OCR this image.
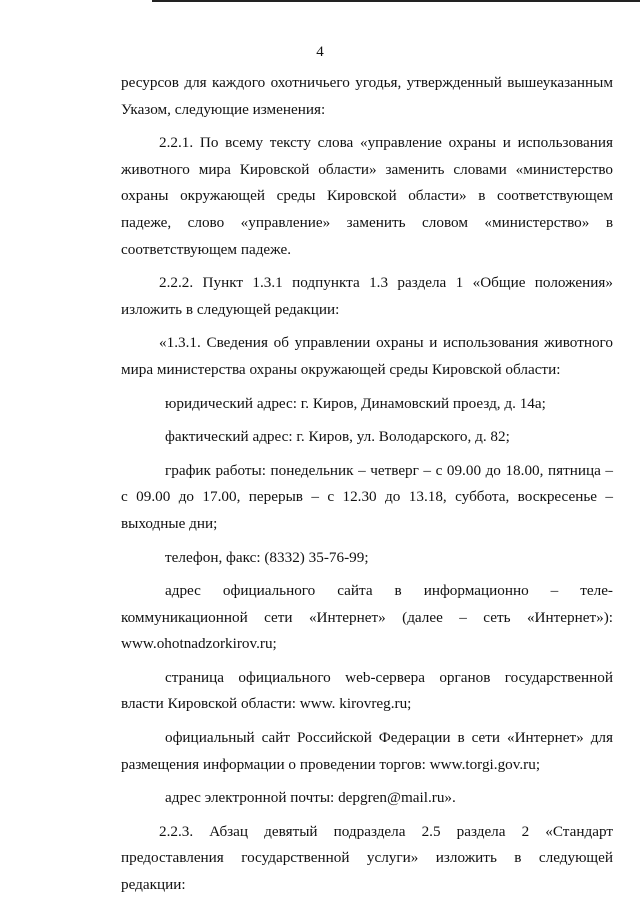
4

ресурсов для каждого охотничьего угодья, утвержденный вышеуказанным Указом, следующие изменения:

2.2.1. По всему тексту слова «управление охраны и использования животного мира Кировской области» заменить словами «министерство охраны окружающей среды Кировской области» в соответствующем падеже, слово «управление» заменить словом «министерство» в соответствующем падеже.

2.2.2. Пункт 1.3.1 подпункта 1.3 раздела 1 «Общие положения» изложить в следующей редакции:

«1.3.1. Сведения об управлении охраны и использования животного мира министерства охраны окружающей среды Кировской области:

юридический адрес: г. Киров, Динамовский проезд, д. 14а;

фактический адрес: г. Киров, ул. Володарского, д. 82;

график работы: понедельник – четверг – с 09.00 до 18.00, пятница – с 09.00 до 17.00, перерыв – с 12.30 до 13.18, суббота, воскресенье – выходные дни;

телефон, факс: (8332) 35-76-99;

адрес официального сайта в информационно – теле-коммуникационной сети «Интернет» (далее – сеть «Интернет»): www.ohotnadzorkirov.ru;

страница официального web-сервера органов государственной власти Кировской области: www. kirovreg.ru;

официальный сайт Российской Федерации в сети «Интернет» для размещения информации о проведении торгов: www.torgi.gov.ru;

адрес электронной почты: depgren@mail.ru».

2.2.3. Абзац девятый подраздела 2.5 раздела 2 «Стандарт предоставления государственной услуги» изложить в следующей редакции:
